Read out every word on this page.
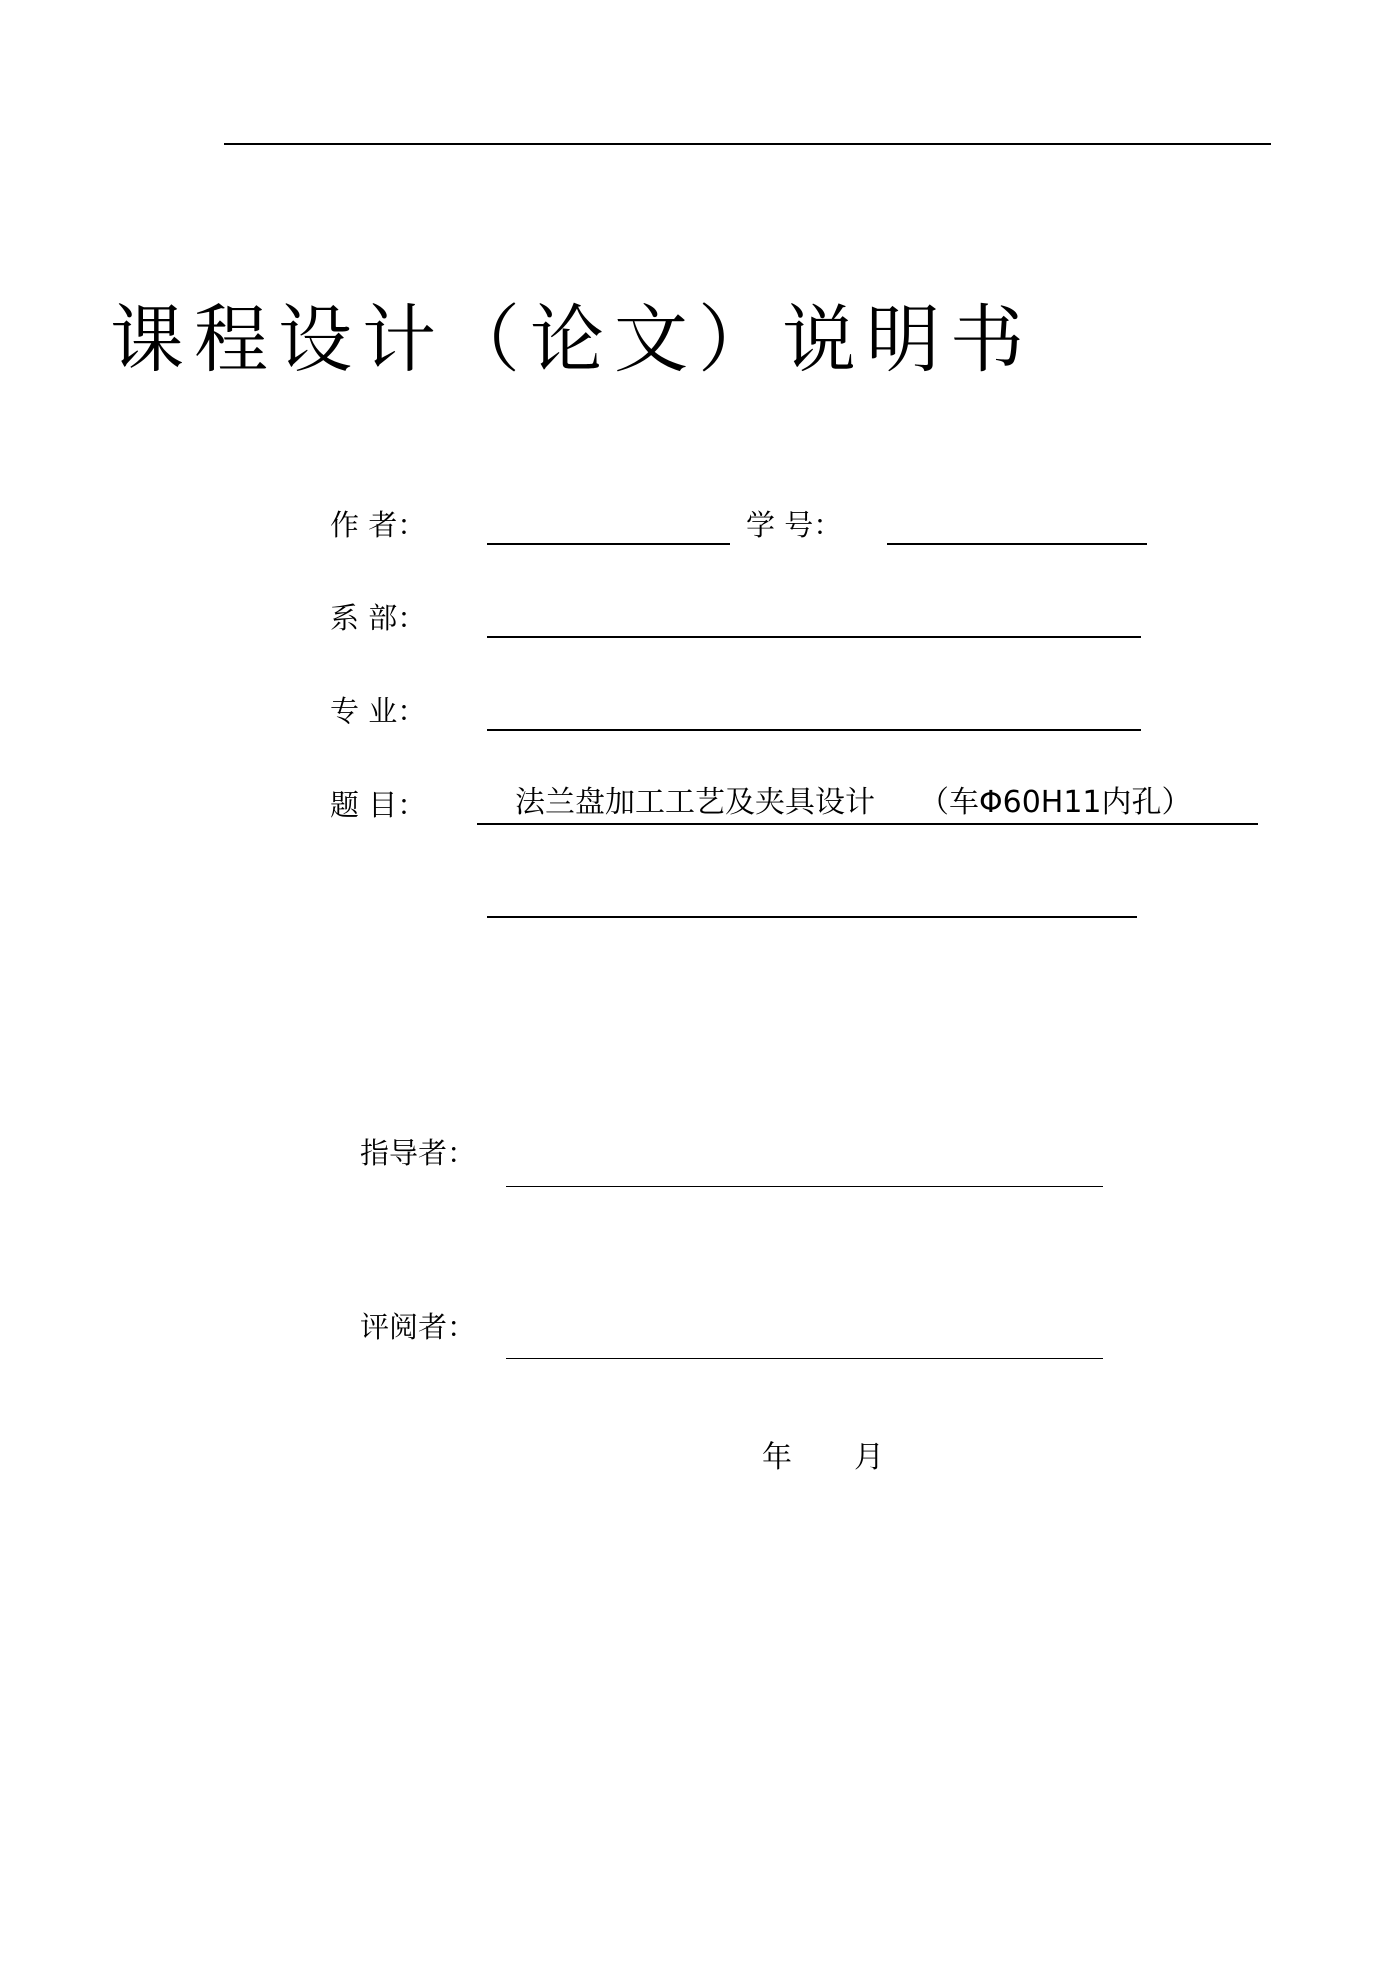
课程设计（论文）说明书
作 者：	学 号：
系 部：
专 业：
题 目：	法兰盘加工工艺及夹具设计 （车Φ60H11内孔）
指导者：
评阅者：
年 月
